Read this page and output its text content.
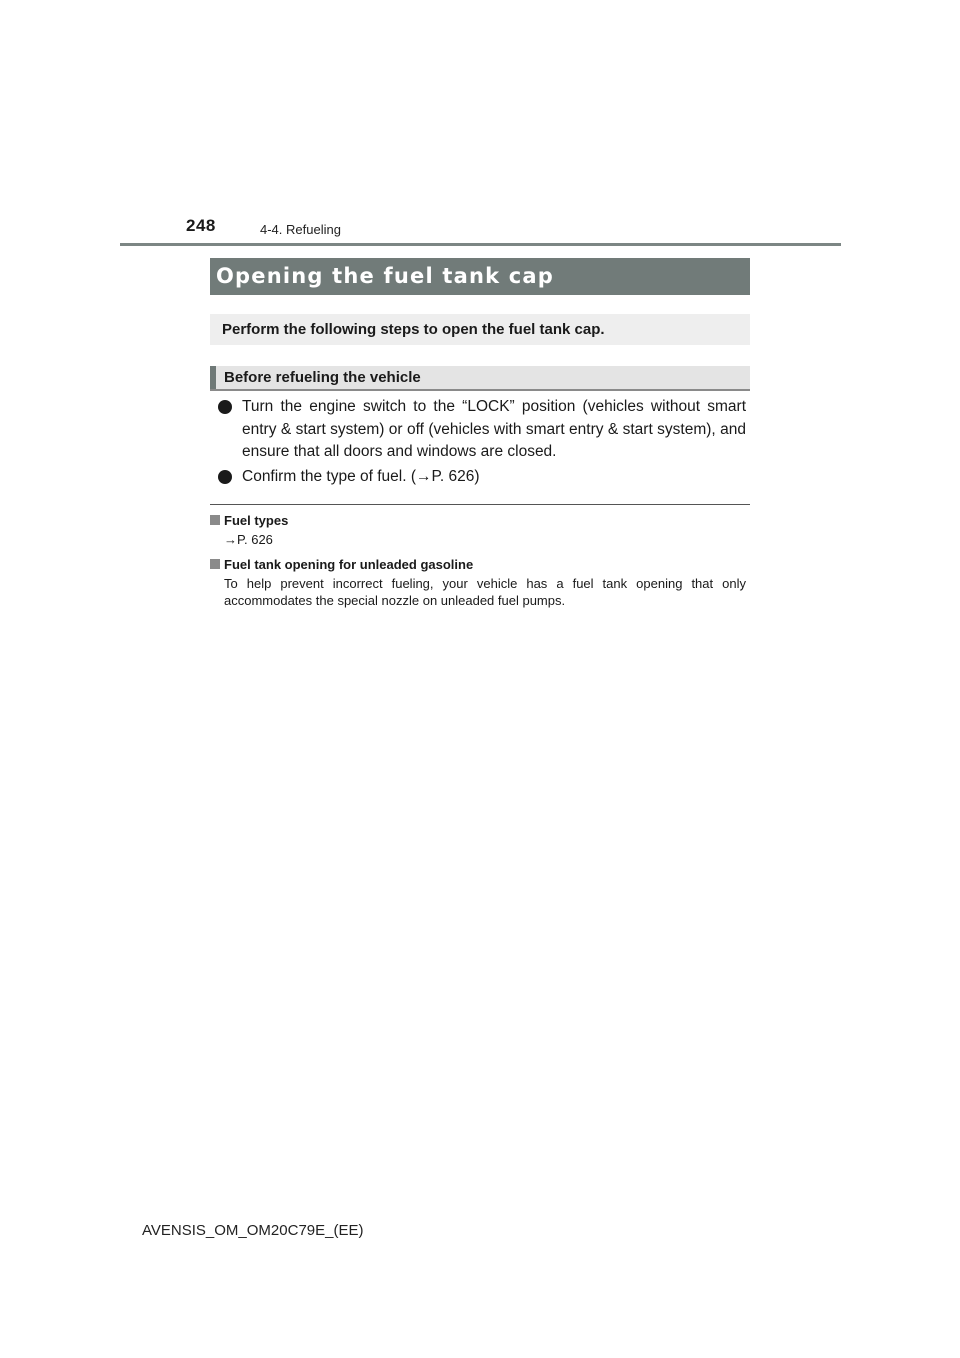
248	4-4. Refueling
Opening the fuel tank cap
Perform the following steps to open the fuel tank cap.
Before refueling the vehicle
Turn the engine switch to the “LOCK” position (vehicles without smart entry & start system) or off (vehicles with smart entry & start system), and ensure that all doors and windows are closed.
Confirm the type of fuel. (→P. 626)
Fuel types
→P. 626
Fuel tank opening for unleaded gasoline
To help prevent incorrect fueling, your vehicle has a fuel tank opening that only accommodates the special nozzle on unleaded fuel pumps.
AVENSIS_OM_OM20C79E_(EE)
